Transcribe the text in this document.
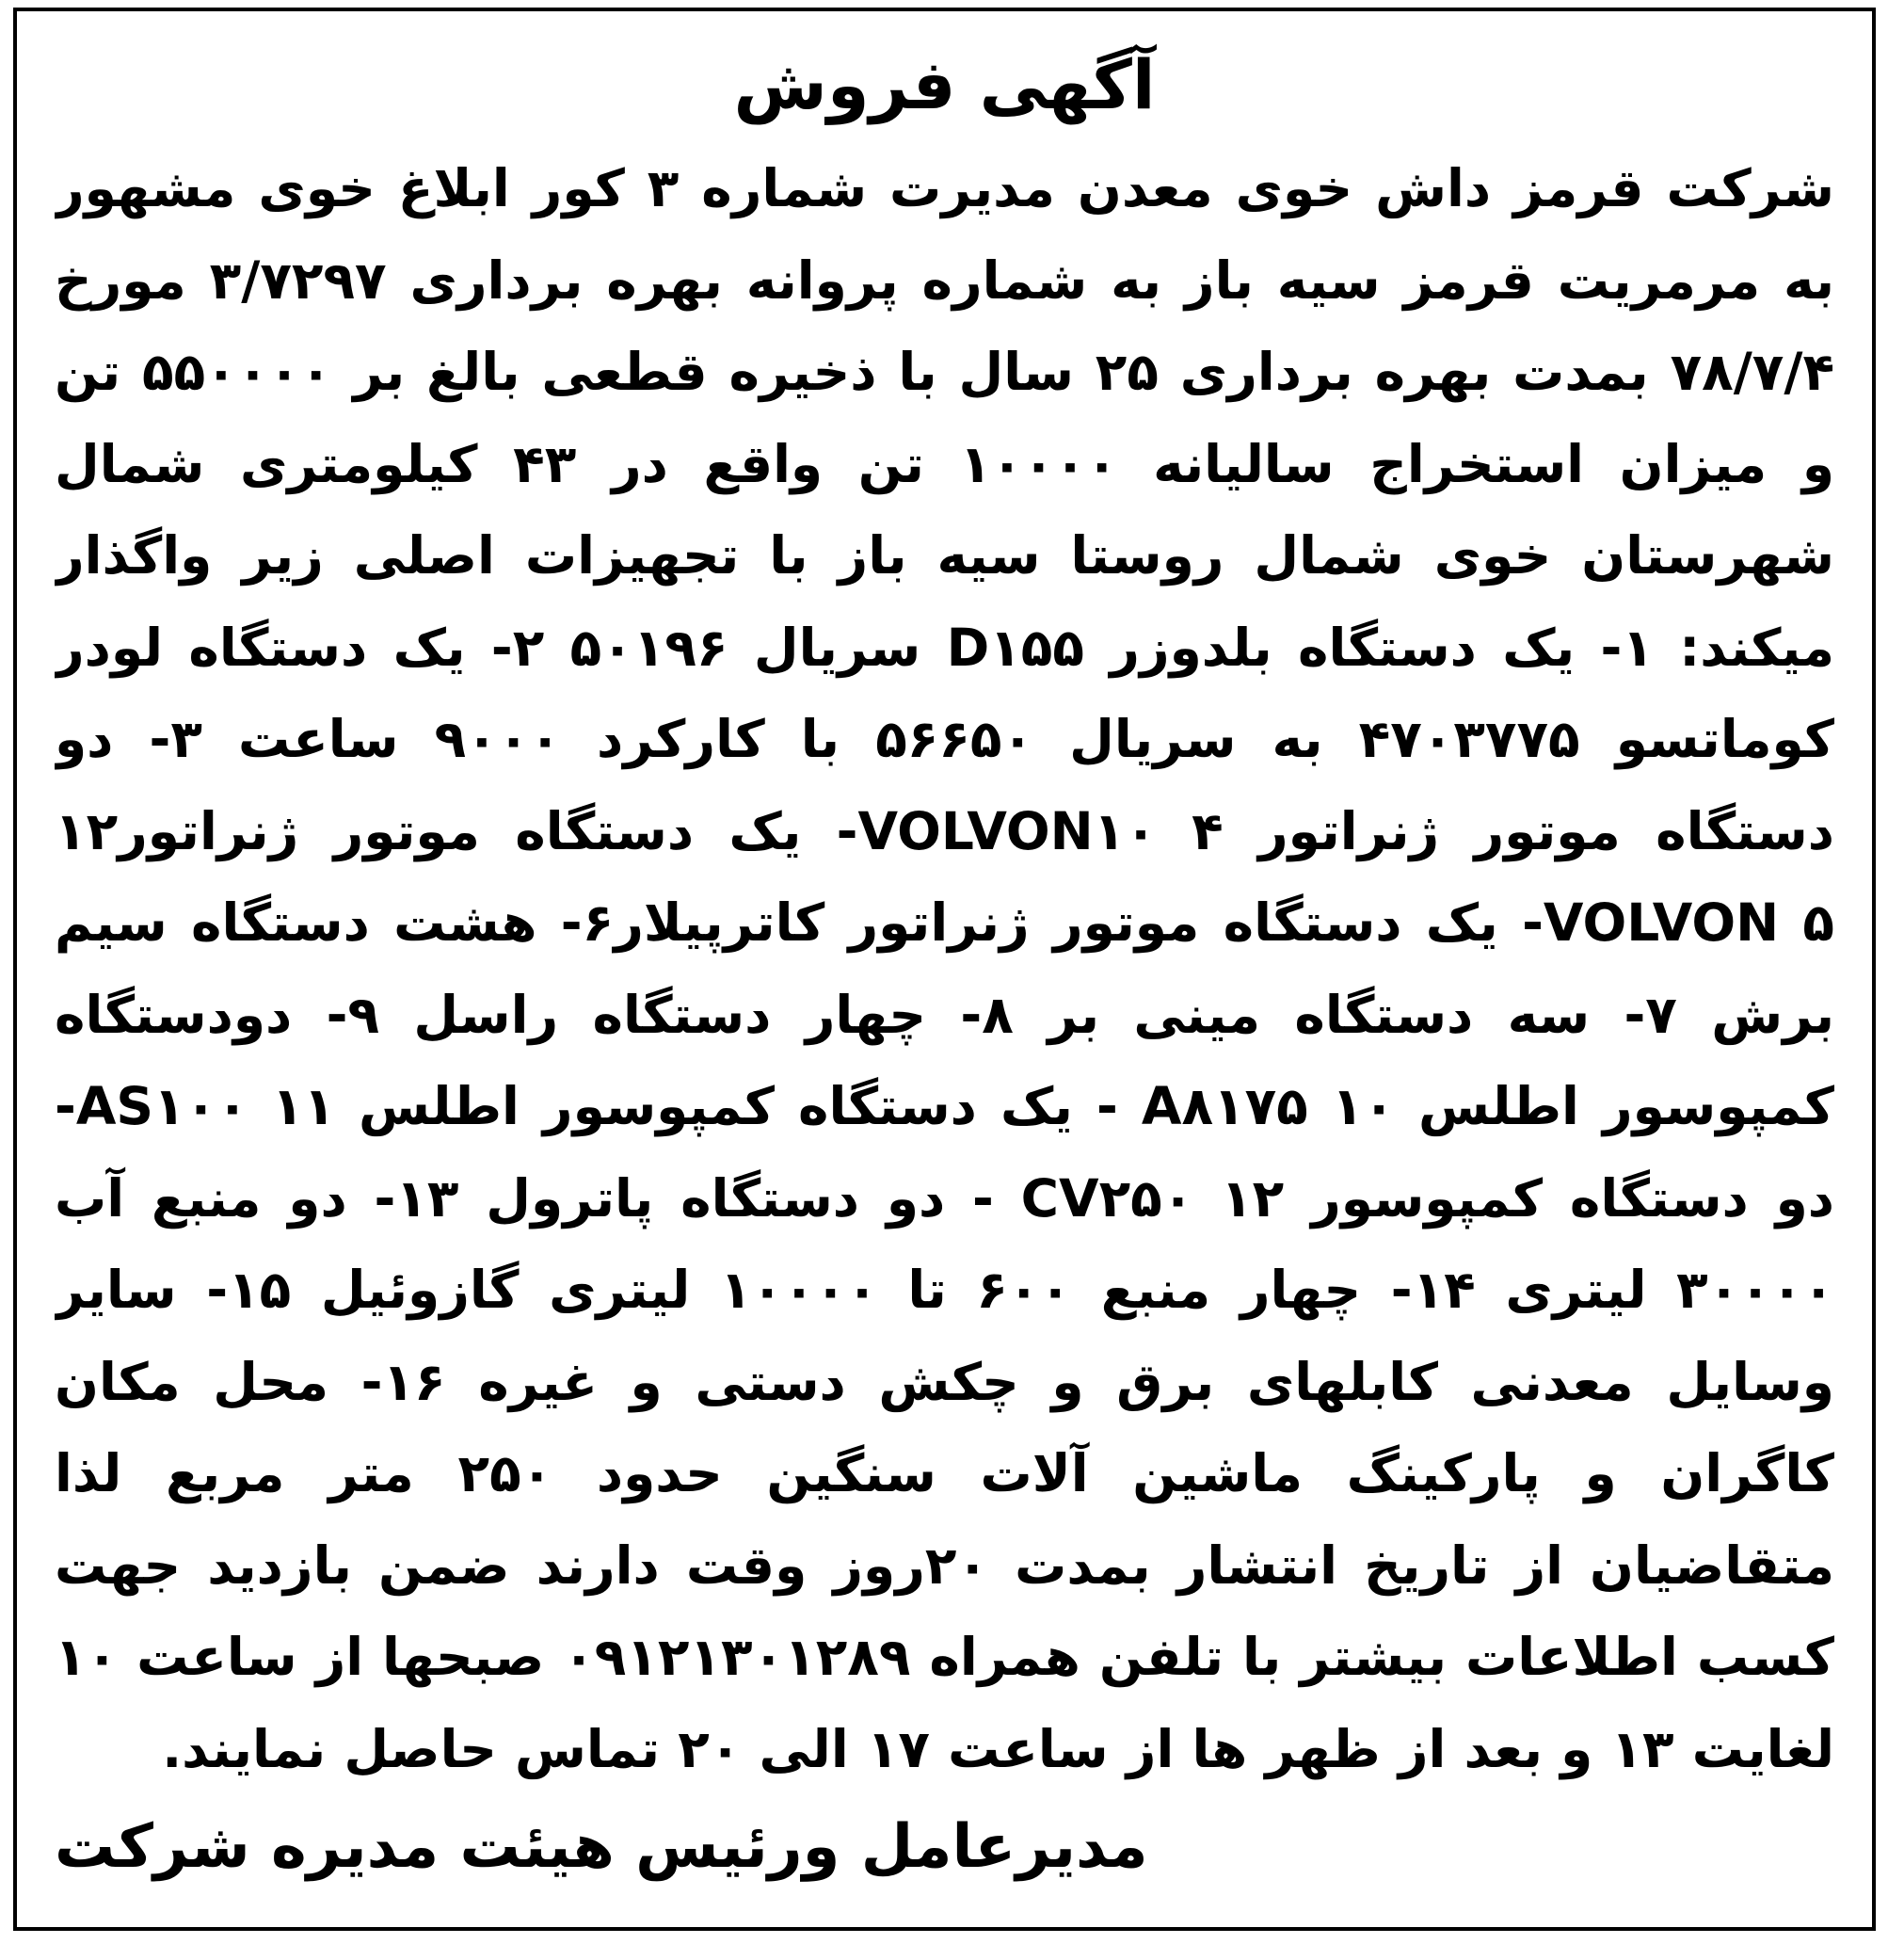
آگهی فروش

شرکت قرمز داش خوی معدن مدیرت شماره ۳ کور ابلاغ خوی مشهور به مرمریت قرمز سیه باز به شماره پروانه بهره برداری ۳/۷۲۹۷ مورخ ۷۸/۷/۴ بمدت بهره برداری ۲۵ سال با ذخیره قطعی بالغ بر ۵۵۰۰۰۰ تن و میزان استخراج سالیانه ۱۰۰۰۰ تن واقع در ۴۳ کیلومتری شمال شهرستان خوی شمال روستا سیه باز با تجهیزات اصلی زیر واگذار میکند: ۱- یک دستگاه بلدوزر D۱۵۵ سریال ۵۰۱۹۶ ۲- یک دستگاه لودر کوماتسو ۴۷۰۳۷۷۵ به سریال ۵۶۶۵۰ با کارکرد ۹۰۰۰ ساعت ۳- دو دستگاه موتور ژنراتور VOLVON۱۰ ۴- یک دستگاه موتور ژنراتور۱۲ VOLVON ۵- یک دستگاه موتور ژنراتور کاترپیلار۶- هشت دستگاه سیم برش ۷- سه دستگاه مینی بر ۸- چهار دستگاه راسل ۹- دودستگاه کمپوسور اطلس A۸۱۷۵ ۱۰ - یک دستگاه کمپوسور اطلس AS۱۰۰ ۱۱- دو دستگاه کمپوسور CV۲۵۰ ۱۲ - دو دستگاه پاترول ۱۳- دو منبع آب ۳۰۰۰۰ لیتری ۱۴- چهار منبع ۶۰۰ تا ۱۰۰۰۰ لیتری گازوئیل ۱۵- سایر وسایل معدنی کابلهای برق و چکش دستی و غیره ۱۶- محل مکان کاگران و پارکینگ ماشین آلات سنگین حدود ۲۵۰ متر مربع لذا متقاضیان از تاریخ انتشار بمدت ۲۰روز وقت دارند ضمن بازدید جهت کسب اطلاعات بیشتر با تلفن همراه ۰۹۱۲۱۳۰۱۲۸۹ صبحها از ساعت ۱۰ لغایت ۱۳ و بعد از ظهر ها از ساعت ۱۷ الی ۲۰ تماس حاصل نمایند.

مدیرعامل ورئیس هیئت مدیره شرکت
